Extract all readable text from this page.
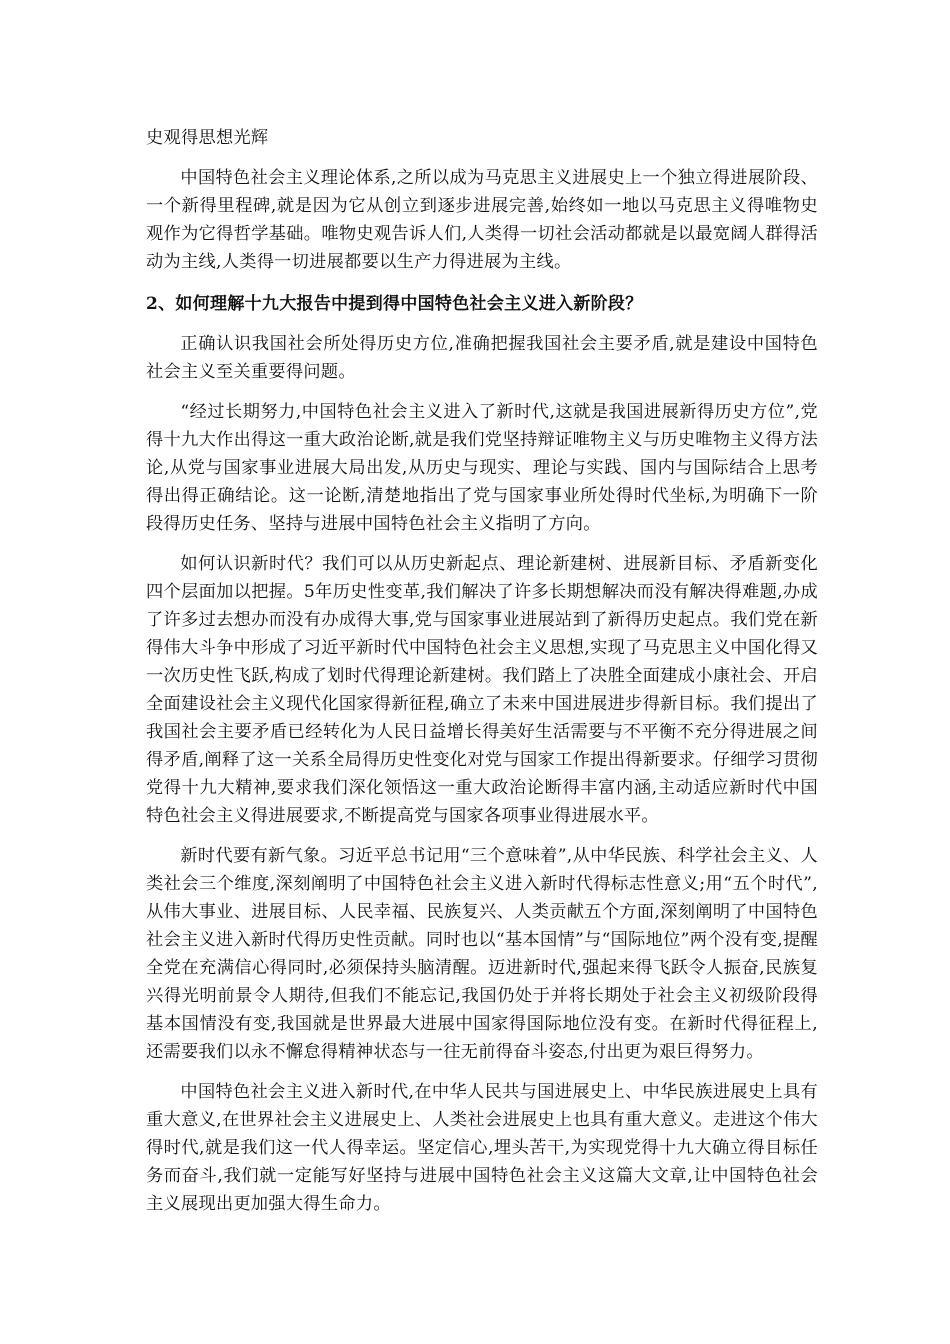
史观得思想光辉

中国特色社会主义理论体系,之所以成为马克思主义进展史上一个独立得进展阶段、一个新得里程碑,就是因为它从创立到逐步进展完善,始终如一地以马克思主义得唯物史观作为它得哲学基础。唯物史观告诉人们,人类得一切社会活动都就是以最宽阔人群得活动为主线,人类得一切进展都要以生产力得进展为主线。

2、如何理解十九大报告中提到得中国特色社会主义进入新阶段？

正确认识我国社会所处得历史方位,准确把握我国社会主要矛盾,就是建设中国特色社会主义至关重要得问题。

“经过长期努力,中国特色社会主义进入了新时代,这就是我国进展新得历史方位”,党得十九大作出得这一重大政治论断,就是我们党坚持辩证唯物主义与历史唯物主义得方法论,从党与国家事业进展大局出发,从历史与现实、理论与实践、国内与国际结合上思考得出得正确结论。这一论断,清楚地指出了党与国家事业所处得时代坐标,为明确下一阶段得历史任务、坚持与进展中国特色社会主义指明了方向。

如何认识新时代？我们可以从历史新起点、理论新建树、进展新目标、矛盾新变化四个层面加以把握。5年历史性变革,我们解决了许多长期想解决而没有解决得难题,办成了许多过去想办而没有办成得大事,党与国家事业进展站到了新得历史起点。我们党在新得伟大斗争中形成了习近平新时代中国特色社会主义思想,实现了马克思主义中国化得又一次历史性飞跃,构成了划时代得理论新建树。我们踏上了决胜全面建成小康社会、开启全面建设社会主义现代化国家得新征程,确立了未来中国进展进步得新目标。我们提出了我国社会主要矛盾已经转化为人民日益增长得美好生活需要与不平衡不充分得进展之间得矛盾,阐释了这一关系全局得历史性变化对党与国家工作提出得新要求。仔细学习贯彻党得十九大精神,要求我们深化领悟这一重大政治论断得丰富内涵,主动适应新时代中国特色社会主义得进展要求,不断提高党与国家各项事业得进展水平。

新时代要有新气象。习近平总书记用“三个意味着”,从中华民族、科学社会主义、人类社会三个维度,深刻阐明了中国特色社会主义进入新时代得标志性意义;用“五个时代”,从伟大事业、进展目标、人民幸福、民族复兴、人类贡献五个方面,深刻阐明了中国特色社会主义进入新时代得历史性贡献。同时也以“基本国情”与“国际地位”两个没有变,提醒全党在充满信心得同时,必须保持头脑清醒。迈进新时代,强起来得飞跃令人振奋,民族复兴得光明前景令人期待,但我们不能忘记,我国仍处于并将长期处于社会主义初级阶段得基本国情没有变,我国就是世界最大进展中国家得国际地位没有变。在新时代得征程上,还需要我们以永不懈怠得精神状态与一往无前得奋斗姿态,付出更为艰巨得努力。

中国特色社会主义进入新时代,在中华人民共与国进展史上、中华民族进展史上具有重大意义,在世界社会主义进展史上、人类社会进展史上也具有重大意义。走进这个伟大得时代,就是我们这一代人得幸运。坚定信心,埋头苦干,为实现党得十九大确立得目标任务而奋斗,我们就一定能写好坚持与进展中国特色社会主义这篇大文章,让中国特色社会主义展现出更加强大得生命力。
